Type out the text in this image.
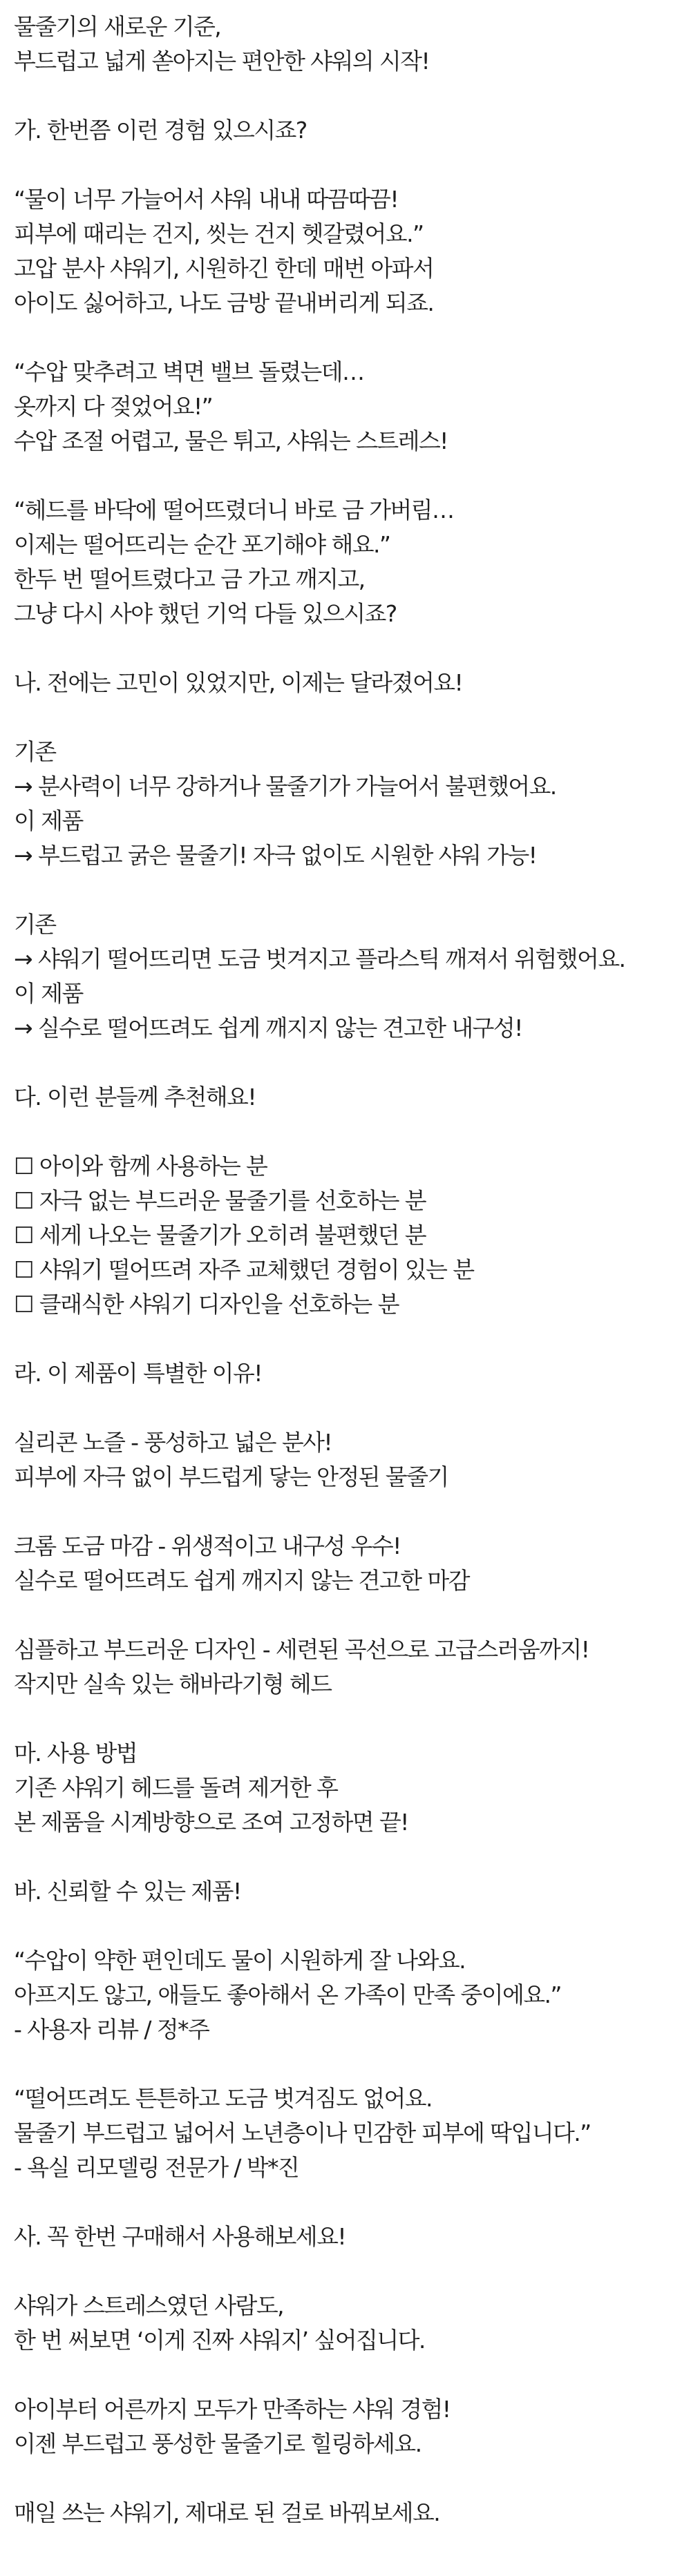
물줄기의 새로운 기준,
부드럽고 넓게 쏟아지는 편안한 샤워의 시작!
가. 한번쯤 이런 경험 있으시죠?
“물이 너무 가늘어서 샤워 내내 따끔따끔!
피부에 때리는 건지, 씻는 건지 헷갈렸어요.”
고압 분사 샤워기, 시원하긴 한데 매번 아파서
아이도 싫어하고, 나도 금방 끝내버리게 되죠.
“수압 맞추려고 벽면 밸브 돌렸는데…
옷까지 다 젖었어요!”
수압 조절 어렵고, 물은 튀고, 샤워는 스트레스!
“헤드를 바닥에 떨어뜨렸더니 바로 금 가버림…
이제는 떨어뜨리는 순간 포기해야 해요.”
한두 번 떨어트렸다고 금 가고 깨지고,
그냥 다시 사야 했던 기억 다들 있으시죠?
나. 전에는 고민이 있었지만, 이제는 달라졌어요!
기존
→ 분사력이 너무 강하거나 물줄기가 가늘어서 불편했어요.
이 제품
→ 부드럽고 굵은 물줄기! 자극 없이도 시원한 샤워 가능!
기존
→ 샤워기 떨어뜨리면 도금 벗겨지고 플라스틱 깨져서 위험했어요.
이 제품
→ 실수로 떨어뜨려도 쉽게 깨지지 않는 견고한 내구성!
다. 이런 분들께 추천해요!
☐ 아이와 함께 사용하는 분
☐ 자극 없는 부드러운 물줄기를 선호하는 분
☐ 세게 나오는 물줄기가 오히려 불편했던 분
☐ 샤워기 떨어뜨려 자주 교체했던 경험이 있는 분
☐ 클래식한 샤워기 디자인을 선호하는 분
라. 이 제품이 특별한 이유!
실리콘 노즐 - 풍성하고 넓은 분사!
피부에 자극 없이 부드럽게 닿는 안정된 물줄기
크롬 도금 마감 - 위생적이고 내구성 우수!
실수로 떨어뜨려도 쉽게 깨지지 않는 견고한 마감
심플하고 부드러운 디자인 - 세련된 곡선으로 고급스러움까지!
작지만 실속 있는 해바라기형 헤드
마. 사용 방법
기존 샤워기 헤드를 돌려 제거한 후
본 제품을 시계방향으로 조여 고정하면 끝!
바. 신뢰할 수 있는 제품!
“수압이 약한 편인데도 물이 시원하게 잘 나와요.
아프지도 않고, 애들도 좋아해서 온 가족이 만족 중이에요.”
- 사용자 리뷰 / 정*주
“떨어뜨려도 튼튼하고 도금 벗겨짐도 없어요.
물줄기 부드럽고 넓어서 노년층이나 민감한 피부에 딱입니다.”
- 욕실 리모델링 전문가 / 박*진
사. 꼭 한번 구매해서 사용해보세요!
샤워가 스트레스였던 사람도,
한 번 써보면 ‘이게 진짜 샤워지’ 싶어집니다.
아이부터 어른까지 모두가 만족하는 샤워 경험!
이젠 부드럽고 풍성한 물줄기로 힐링하세요.
매일 쓰는 샤워기, 제대로 된 걸로 바꿔보세요.
